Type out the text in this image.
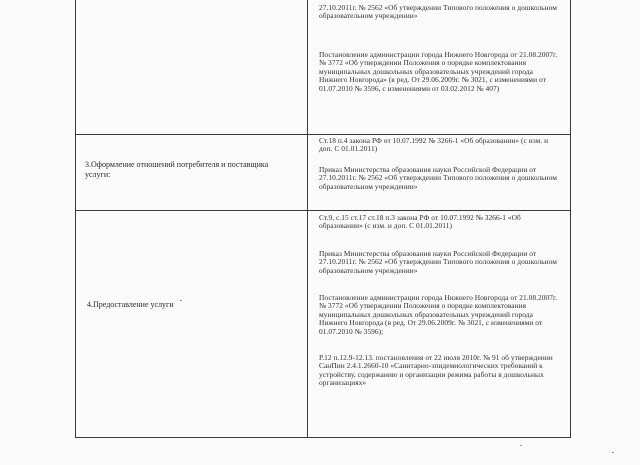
27.10.2011г. № 2562 «Об утверждении Типового положения о дошкольном образовательном учреждении»
Постановление администрации города Нижнего Новгорода от 21.08.2007г. № 3772 «Об утверждении Положения о порядке комплектования муниципальных дошкольных образовательных учреждений города Нижнего Новгорода» (в ред. От 29.06.2009г. № 3021, с изменениями от 01.07.2010 № 3596, с изменениями от 03.02.2012 № 407)
3.Оформление отношений потребителя и поставщика услуги:
Ст.18 п.4 закона РФ от 10.07.1992 № 3266-1 «Об образовании» (с изм. и доп. С 01.01.2011)
Приказ Министерства образования науки Российской Федерации от 27.10.2011г. № 2562 «Об утверждении Типового положения о дошкольном образовательном учреждении»
4.Предоставление услуги
Ст.9, с.15 ст.17 ст.18 п.3 закона РФ от 10.07.1992 № 3266-1 «Об образовании» (с изм. и доп. С 01.01.2011)
Приказ Министерства образования науки Российской Федерации от 27.10.2011г. № 2562 «Об утверждении Типового положения о дошкольном образовательном учреждении»
Постановление администрации города Нижнего Новгорода от 21.08.2007г. № 3772 «Об утверждении Положения о порядке комплектования муниципальных дошкольных образовательных учреждений города Нижнего Новгорода (в ред. От 29.06.2009г. № 3021, с изменениями от 01.07.2010 № 3596);
Р.12 п.12.9-12.13. постановления от 22 июля 2010г. № 91 об утверждении СанПин 2.4.1.2660-10 «Санитарно-эпидемиологических требований к устройству, содержанию и организации режима работы в дошкольных организациях»
